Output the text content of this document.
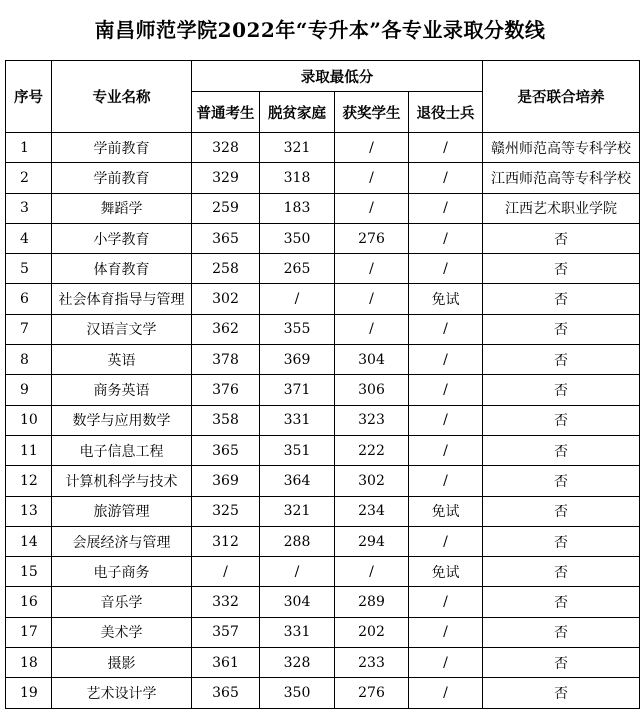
南昌师范学院2022年“专升本”各专业录取分数线
序号	专业名称	录取最低分				是否联合培养
		普通考生	脱贫家庭	获奖学生	退役士兵	
1	学前教育	328	321	/	/	赣州师范高等专科学校
2	学前教育	329	318	/	/	江西师范高等专科学校
3	舞蹈学	259	183	/	/	江西艺术职业学院
4	小学教育	365	350	276	/	否
5	体育教育	258	265	/	/	否
6	社会体育指导与管理	302	/	/	免试	否
7	汉语言文学	362	355	/	/	否
8	英语	378	369	304	/	否
9	商务英语	376	371	306	/	否
10	数学与应用数学	358	331	323	/	否
11	电子信息工程	365	351	222	/	否
12	计算机科学与技术	369	364	302	/	否
13	旅游管理	325	321	234	免试	否
14	会展经济与管理	312	288	294	/	否
15	电子商务	/	/	/	免试	否
16	音乐学	332	304	289	/	否
17	美术学	357	331	202	/	否
18	摄影	361	328	233	/	否
19	艺术设计学	365	350	276	/	否
